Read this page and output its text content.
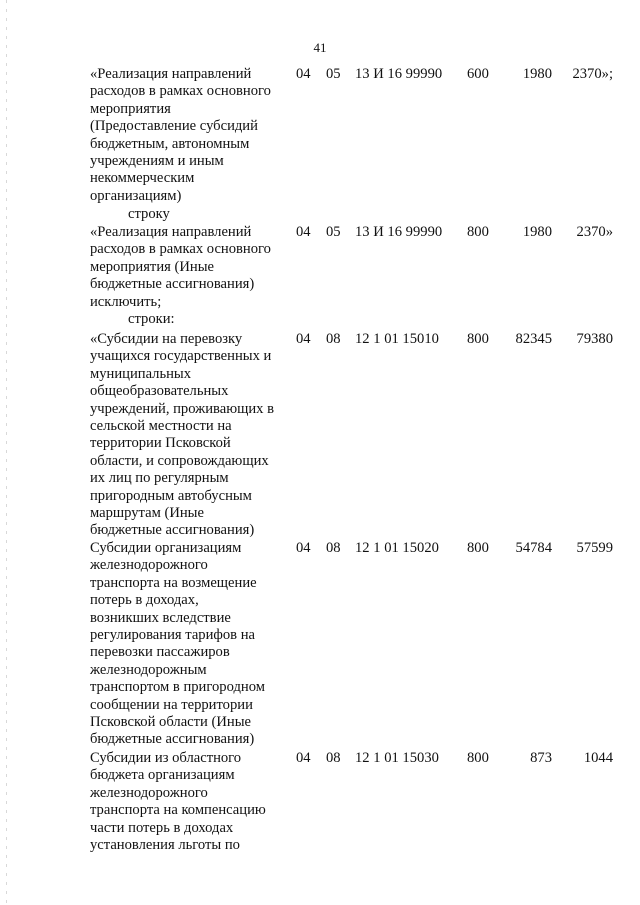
41
«Реализация направлений
расходов в рамках основного
мероприятия
(Предоставление субсидий
бюджетным, автономным
учреждениям и иным
некоммерческим
организациям)
04 05 13 И 16 99990 600	1980	2370»;
строку
«Реализация направлений
расходов в рамках основного
мероприятия (Иные
бюджетные ассигнования)
04 05 13 И 16 99990 800	1980	2370»
исключить;
строки:
«Субсидии на перевозку
учащихся государственных и
муниципальных
общеобразовательных
учреждений, проживающих в
сельской местности на
территории Псковской
области, и сопровождающих
их лиц по регулярным
пригородным автобусным
маршрутам (Иные
бюджетные ассигнования)
04 08 12 1 01 15010 800	82345	79380
Субсидии организациям
железнодорожного
транспорта на возмещение
потерь в доходах,
возникших вследствие
регулирования тарифов на
перевозки пассажиров
железнодорожным
транспортом в пригородном
сообщении на территории
Псковской области (Иные
бюджетные ассигнования)
04 08 12 1 01 15020 800	54784	57599
Субсидии из областного
бюджета организациям
железнодорожного
транспорта на компенсацию
части потерь в доходах
установления льготы по
04 08 12 1 01 15030 800	873	1044
